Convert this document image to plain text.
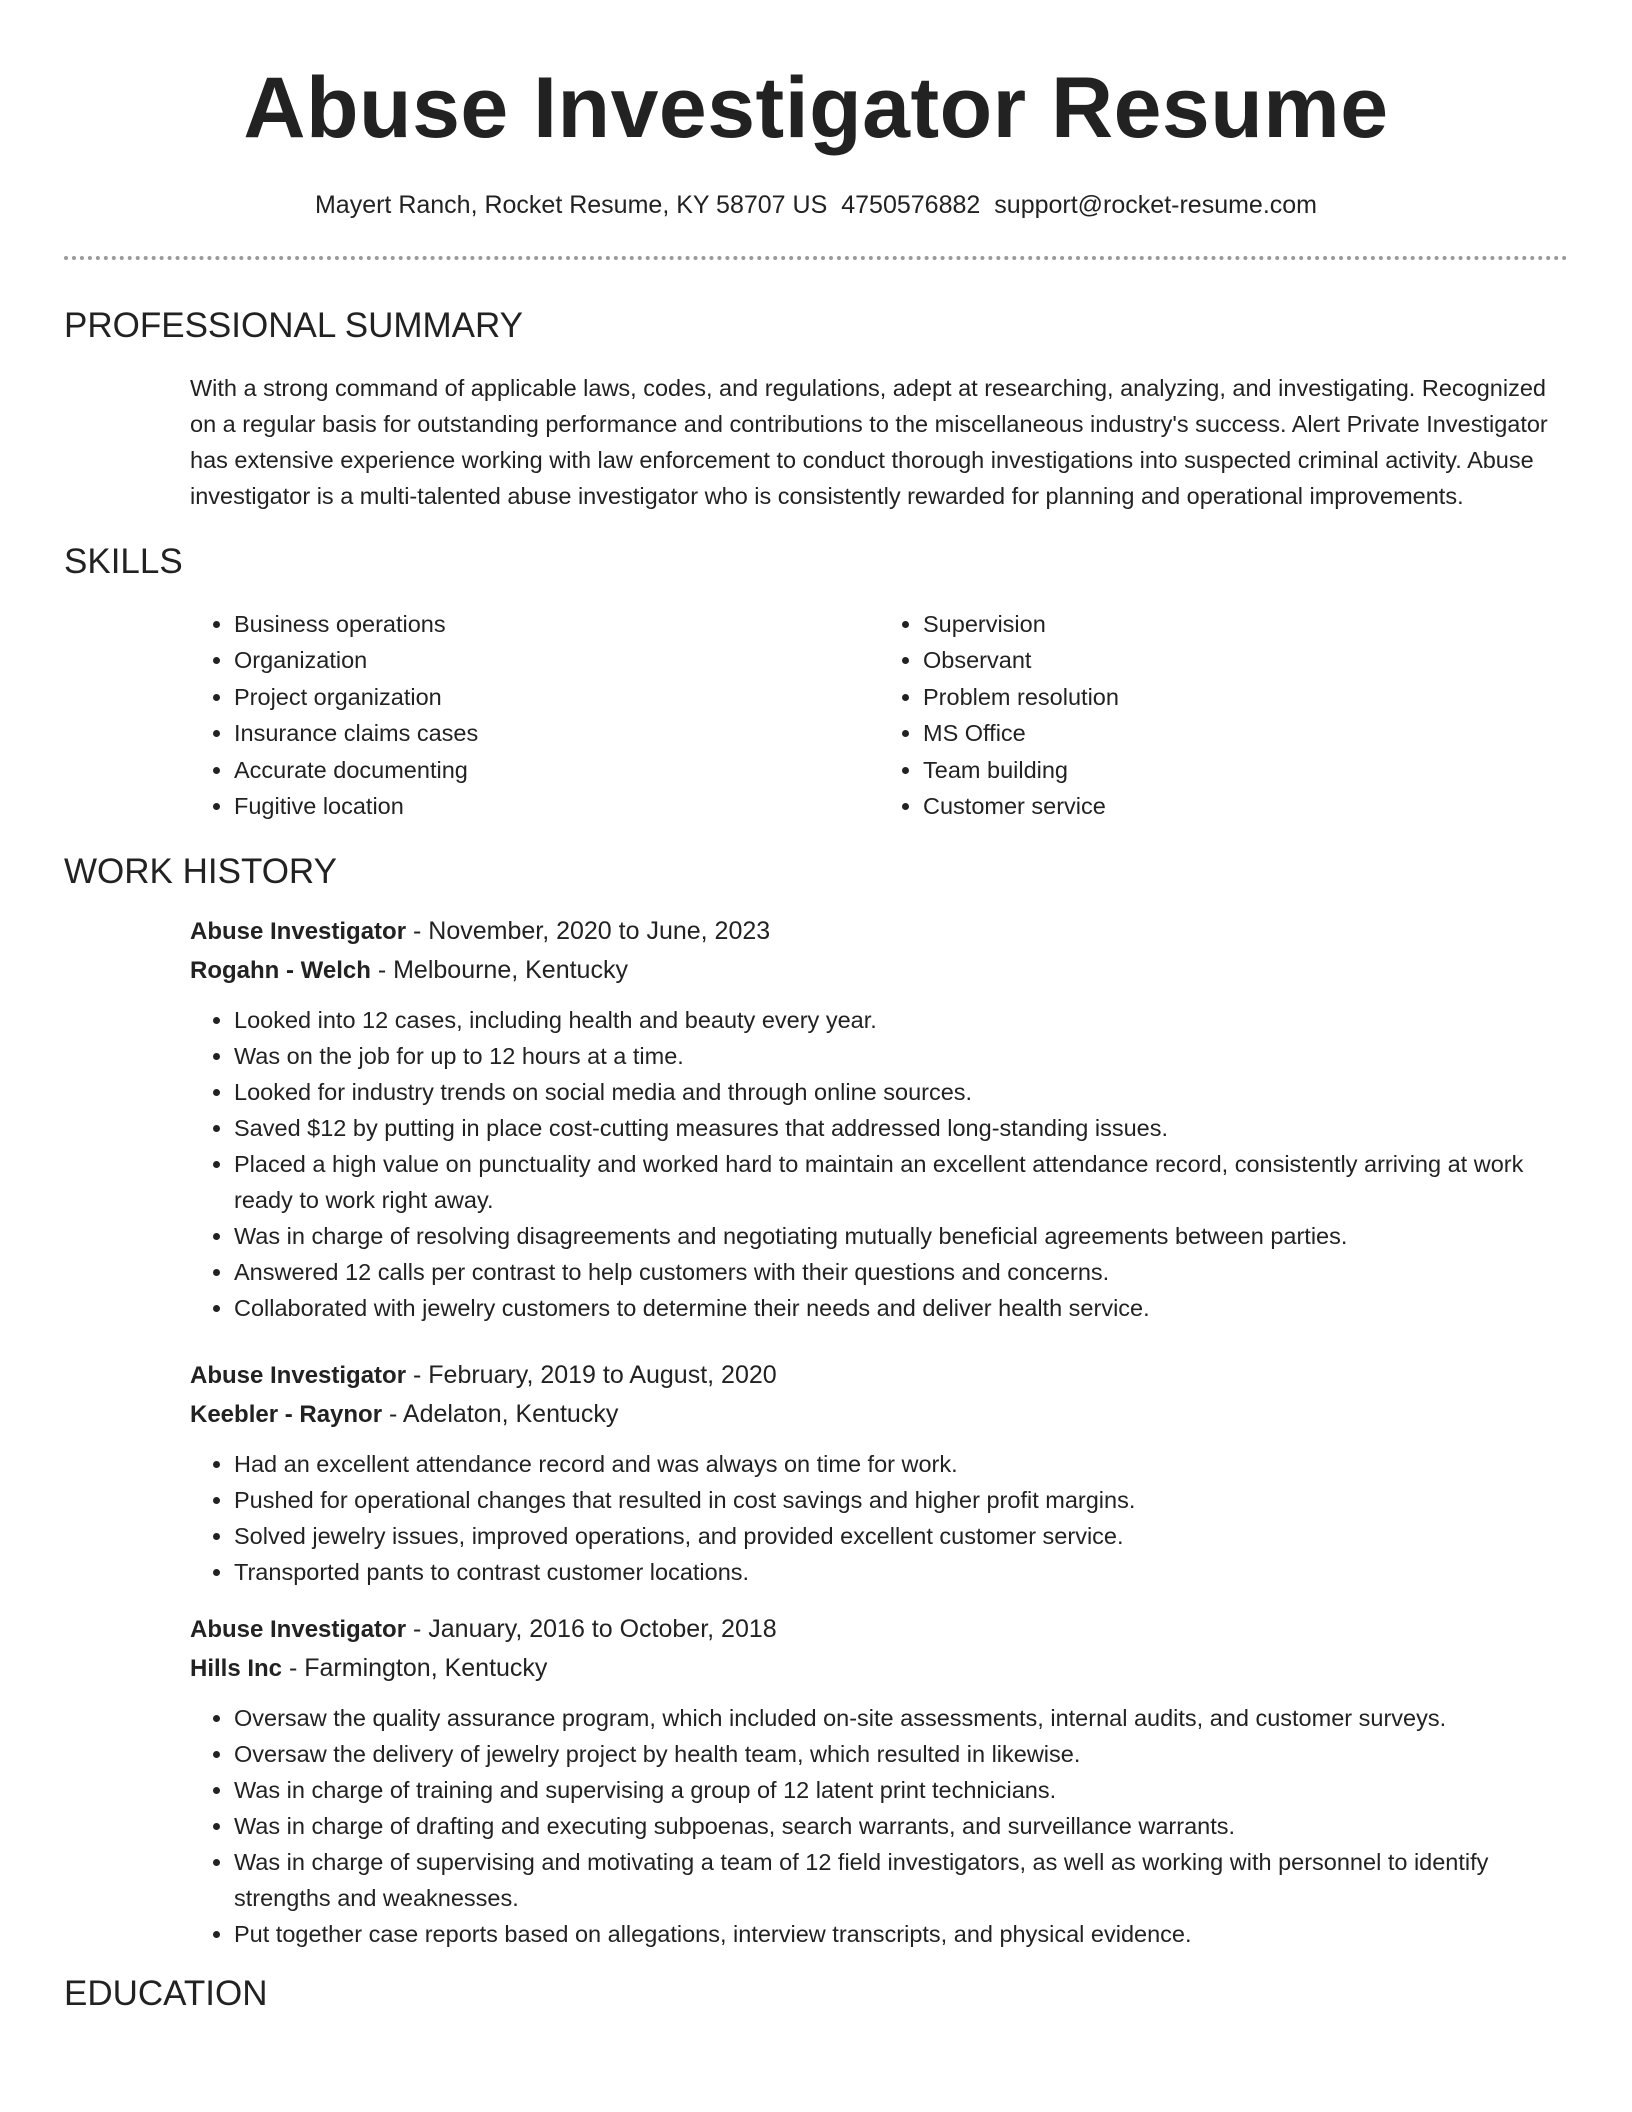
Abuse Investigator Resume
Mayert Ranch, Rocket Resume, KY 58707 US 4750576882 support@rocket-resume.com
PROFESSIONAL SUMMARY

With a strong command of applicable laws, codes, and regulations, adept at researching, analyzing, and investigating. Recognized on a regular basis for outstanding performance and contributions to the miscellaneous industry's success. Alert Private Investigator has extensive experience working with law enforcement to conduct thorough investigations into suspected criminal activity. Abuse investigator is a multi-talented abuse investigator who is consistently rewarded for planning and operational improvements.

SKILLS
• Business operations
• Organization
• Project organization
• Insurance claims cases
• Accurate documenting
• Fugitive location
• Supervision
• Observant
• Problem resolution
• MS Office
• Team building
• Customer service
WORK HISTORY
Abuse Investigator - November, 2020 to June, 2023
Rogahn - Welch - Melbourne, Kentucky
• Looked into 12 cases, including health and beauty every year.
• Was on the job for up to 12 hours at a time.
• Looked for industry trends on social media and through online sources.
• Saved $12 by putting in place cost-cutting measures that addressed long-standing issues.
• Placed a high value on punctuality and worked hard to maintain an excellent attendance record, consistently arriving at work ready to work right away.
• Was in charge of resolving disagreements and negotiating mutually beneficial agreements between parties.
• Answered 12 calls per contrast to help customers with their questions and concerns.
• Collaborated with jewelry customers to determine their needs and deliver health service.
Abuse Investigator - February, 2019 to August, 2020
Keebler - Raynor - Adelaton, Kentucky
• Had an excellent attendance record and was always on time for work.
• Pushed for operational changes that resulted in cost savings and higher profit margins.
• Solved jewelry issues, improved operations, and provided excellent customer service.
• Transported pants to contrast customer locations.
Abuse Investigator - January, 2016 to October, 2018
Hills Inc - Farmington, Kentucky
• Oversaw the quality assurance program, which included on-site assessments, internal audits, and customer surveys.
• Oversaw the delivery of jewelry project by health team, which resulted in likewise.
• Was in charge of training and supervising a group of 12 latent print technicians.
• Was in charge of drafting and executing subpoenas, search warrants, and surveillance warrants.
• Was in charge of supervising and motivating a team of 12 field investigators, as well as working with personnel to identify strengths and weaknesses.
• Put together case reports based on allegations, interview transcripts, and physical evidence.
EDUCATION
